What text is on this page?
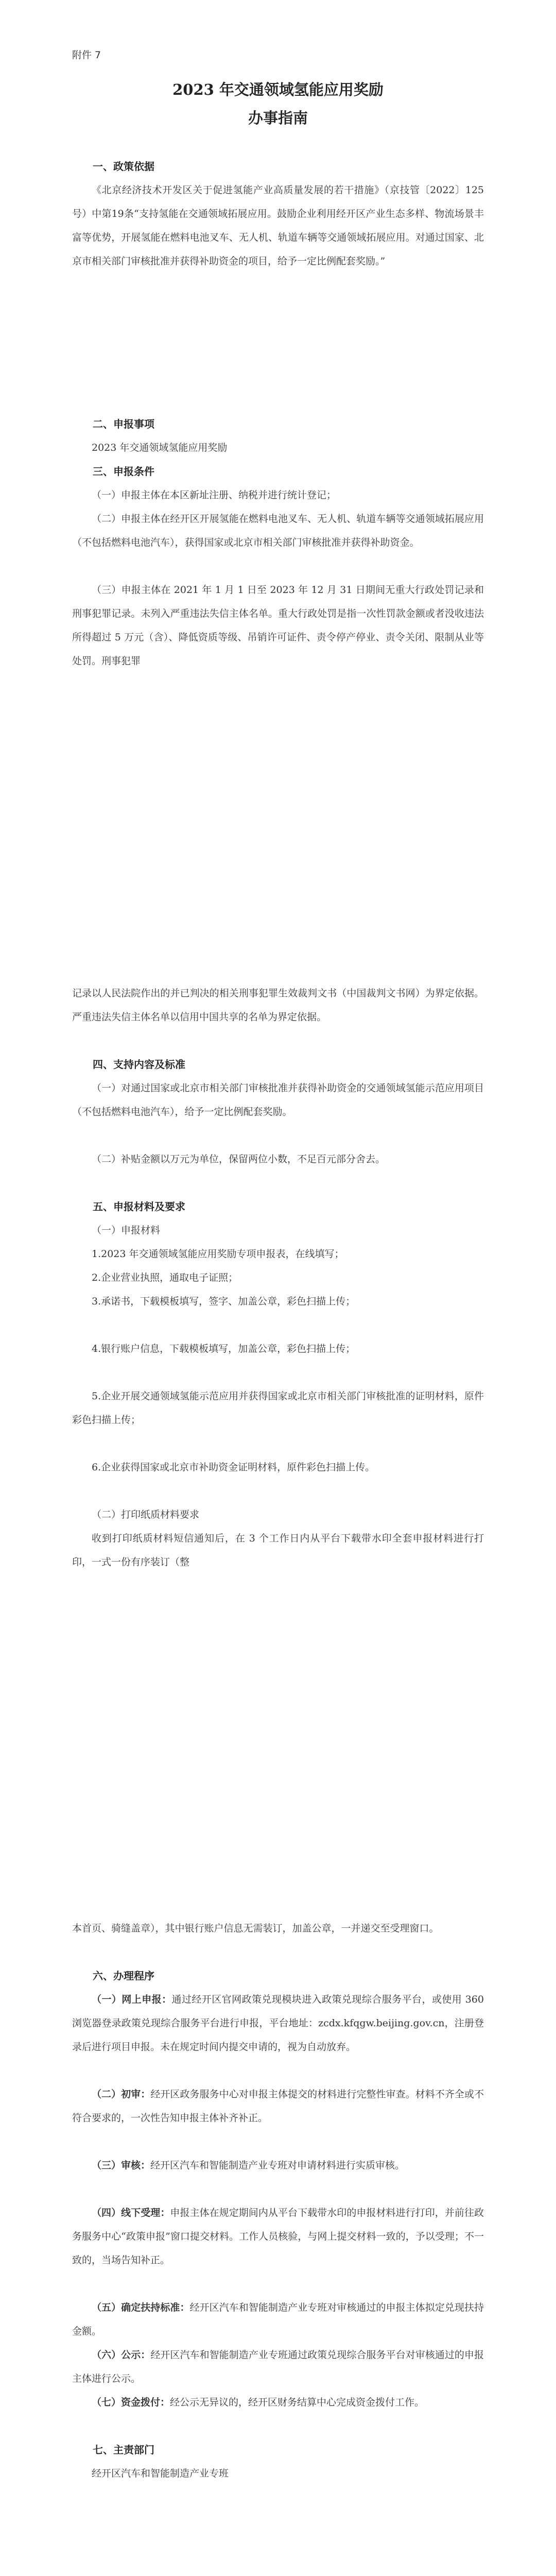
附件 7

2023 年交通领域氢能应用奖励

办事指南

一、政策依据

《北京经济技术开发区关于促进氢能产业高质量发展的若干措施》（京技管〔2022〕125号）中第19条“支持氢能在交通领域拓展应用。鼓励企业利用经开区产业生态多样、物流场景丰富等优势，开展氢能在燃料电池叉车、无人机、轨道车辆等交通领域拓展应用。对通过国家、北京市相关部门审核批准并获得补助资金的项目，给予一定比例配套奖励。”

二、申报事项

2023 年交通领域氢能应用奖励

三、申报条件

（一）申报主体在本区新址注册、纳税并进行统计登记；

（二）申报主体在经开区开展氢能在燃料电池叉车、无人机、轨道车辆等交通领域拓展应用（不包括燃料电池汽车），获得国家或北京市相关部门审核批准并获得补助资金。

（三）申报主体在 2021 年 1 月 1 日至 2023 年 12 月 31 日期间无重大行政处罚记录和刑事犯罪记录。未列入严重违法失信主体名单。重大行政处罚是指一次性罚款金额或者没收违法所得超过 5 万元（含）、降低资质等级、吊销许可证件、责令停产停业、责令关闭、限制从业等处罚。刑事犯罪

记录以人民法院作出的并已判决的相关刑事犯罪生效裁判文书（中国裁判文书网）为界定依据。严重违法失信主体名单以信用中国共享的名单为界定依据。

四、支持内容及标准

（一）对通过国家或北京市相关部门审核批准并获得补助资金的交通领域氢能示范应用项目（不包括燃料电池汽车），给予一定比例配套奖励。

（二）补贴金额以万元为单位，保留两位小数，不足百元部分舍去。

五、申报材料及要求

（一）申报材料

1.2023 年交通领域氢能应用奖励专项申报表，在线填写；

2.企业营业执照，通取电子证照；

3.承诺书，下载模板填写，签字、加盖公章，彩色扫描上传；

4.银行账户信息，下载模板填写，加盖公章，彩色扫描上传；

5.企业开展交通领域氢能示范应用并获得国家或北京市相关部门审核批准的证明材料，原件彩色扫描上传；

6.企业获得国家或北京市补助资金证明材料，原件彩色扫描上传。

（二）打印纸质材料要求

收到打印纸质材料短信通知后，在 3 个工作日内从平台下载带水印全套申报材料进行打印，一式一份有序装订（整

本首页、骑缝盖章），其中银行账户信息无需装订，加盖公章，一并递交至受理窗口。

六、办理程序

（一）网上申报：通过经开区官网政策兑现模块进入政策兑现综合服务平台，或使用 360 浏览器登录政策兑现综合服务平台进行申报，平台地址：zcdx.kfqgw.beijing.gov.cn，注册登录后进行项目申报。未在规定时间内提交申请的，视为自动放弃。

（二）初审：经开区政务服务中心对申报主体提交的材料进行完整性审查。材料不齐全或不符合要求的，一次性告知申报主体补齐补正。

（三）审核：经开区汽车和智能制造产业专班对申请材料进行实质审核。

（四）线下受理：申报主体在规定期间内从平台下载带水印的申报材料进行打印，并前往政务服务中心“政策申报”窗口提交材料。工作人员核验，与网上提交材料一致的，予以受理；不一致的，当场告知补正。

（五）确定扶持标准：经开区汽车和智能制造产业专班对审核通过的申报主体拟定兑现扶持金额。

（六）公示：经开区汽车和智能制造产业专班通过政策兑现综合服务平台对审核通过的申报主体进行公示。

（七）资金拨付：经公示无异议的，经开区财务结算中心完成资金拨付工作。

七、主责部门

经开区汽车和智能制造产业专班
